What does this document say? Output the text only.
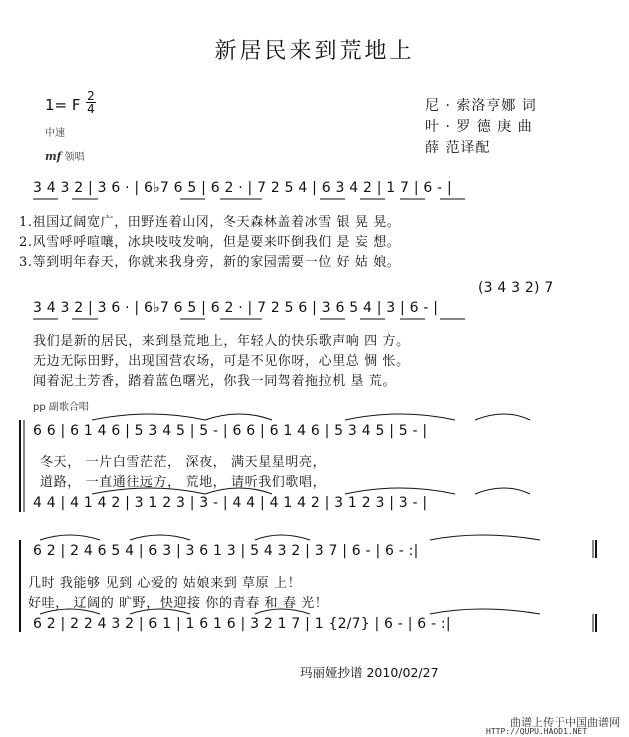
新居民来到荒地上
1= F 2
4
中速
mf 领唱
尼 · 索洛亨娜 词
叶 · 罗 德 庚 曲
薛 范译配
3 4 3 2 | 3 6 · | 6♭7 6 5 | 6 2 · | 7 2 5 4 | 6 3 4 2 | 1 7 | 6 - |
1.祖国辽阔宽广，田野连着山冈，冬天森林盖着冰雪 银 晃 晃。
2.风雪呼呼喧嚷，冰块吱吱发响，但是要来吓倒我们 是 妄 想。
3.等到明年春天，你就来我身旁，新的家园需要一位 好 姑 娘。
(3 4 3 2) 7
3 4 3 2 | 3 6 · | 6♭7 6 5 | 6 2 · | 7 2 5 6 | 3 6 5 4 | 3 | 6 - |
我们是新的居民，来到垦荒地上，年轻人的快乐歌声响 四 方。
无边无际田野，出现国营农场，可是不见你呀，心里总 惆 怅。
闻着泥土芳香，踏着蓝色曙光，你我一同驾着拖拉机 垦 荒。
pp 副歌合唱
6 6 | 6 1 4 6 | 5 3 4 5 | 5 - | 6 6 | 6 1 4 6 | 5 3 4 5 | 5 - |
冬天， 一片白雪茫茫， 深夜， 满天星星明亮，
道路， 一直通往远方， 荒地， 请听我们歌唱，
4 4 | 4 1 4 2 | 3 1 2 3 | 3 - | 4 4 | 4 1 4 2 | 3 1 2 3 | 3 - |
6 2 | 2 4 6 5 4 | 6 3 | 3 6 1 3 | 5 4 3 2 | 3 7 | 6 - | 6 - :|
几时 我能够 见到 心爱的 姑娘来到 草原 上！
好哇， 辽阔的 旷野，快迎接 你的青春 和 春 光！
6 2 | 2 2 4 3 2 | 6 1 | 1 6 1 6 | 3 2 1 7 | 1 {2/7} | 6 - | 6 - :|
玛丽娅抄谱 2010/02/27
曲谱上传于中国曲谱网
HTTP://QUPU.HAOD1.NET
